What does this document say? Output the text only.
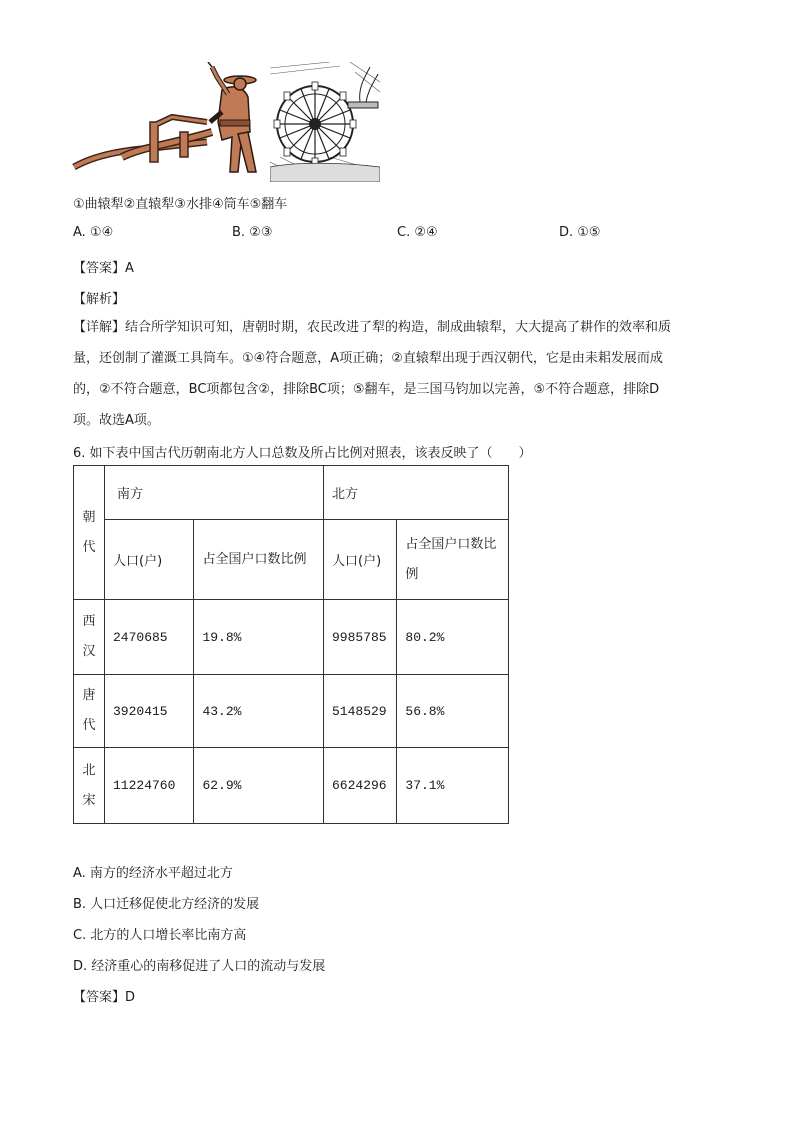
①曲辕犁②直辕犁③水排④筒车⑤翻车
A. ①④	B. ②③	C. ②④	D. ①⑤
【答案】A
【解析】
【详解】结合所学知识可知，唐朝时期，农民改进了犁的构造，制成曲辕犁，大大提高了耕作的效率和质
量，还创制了灌溉工具筒车。①④符合题意，A项正确；②直辕犁出现于西汉朝代，它是由耒耜发展而成
的，②不符合题意，BC项都包含②，排除BC项；⑤翻车，是三国马钧加以完善，⑤不符合题意，排除D
项。故选A项。
6. 如下表中国古代历朝南北方人口总数及所占比例对照表，该表反映了（　　）
朝代	南方		北方	
	人口(户)	占全国户口数比例	人口(户)	占全国户口数比例

西汉	2470685	19.8%	9985785	80.2%

唐代	3920415	43.2%	5148529	56.8%

北宋	11224760	62.9%	6624296	37.1%
A. 南方的经济水平超过北方
B. 人口迁移促使北方经济的发展
C. 北方的人口增长率比南方高
D. 经济重心的南移促进了人口的流动与发展
【答案】D
